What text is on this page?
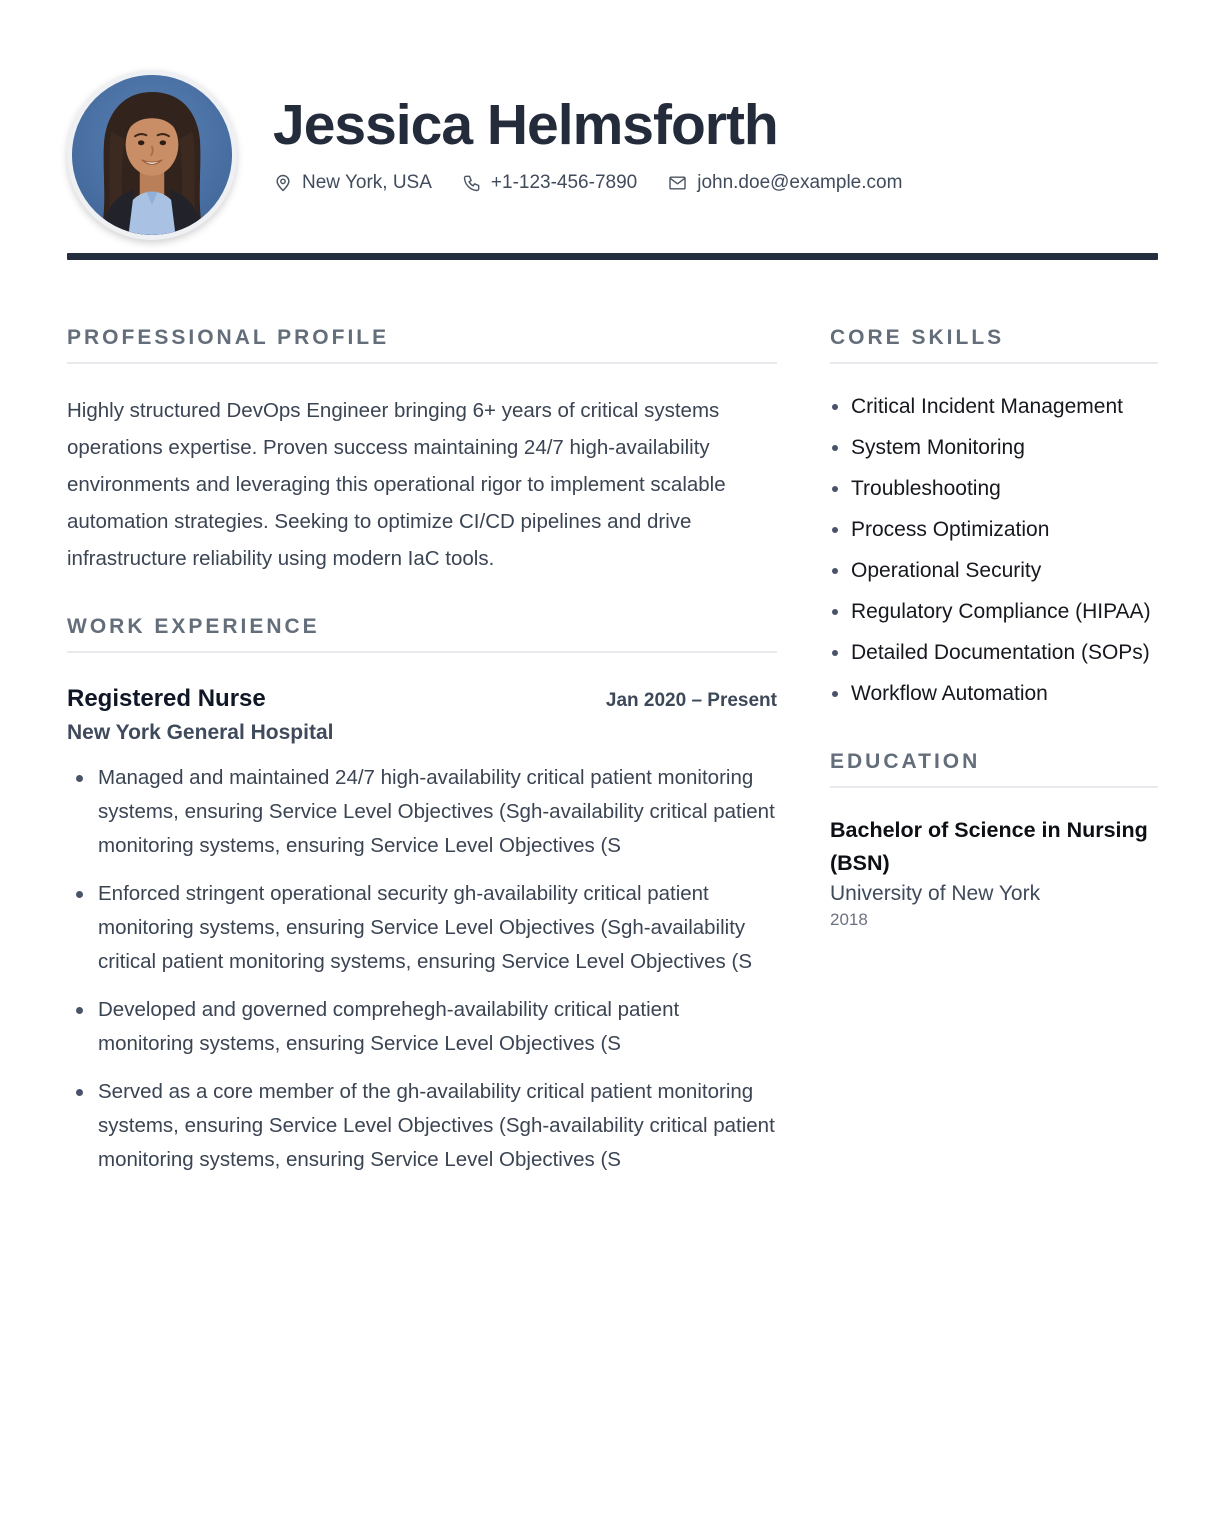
Jessica Helmsforth
New York, USA	+1-123-456-7890	john.doe@example.com
PROFESSIONAL PROFILE

Highly structured DevOps Engineer bringing 6+ years of critical systems operations expertise. Proven success maintaining 24/7 high-availability environments and leveraging this operational rigor to implement scalable automation strategies. Seeking to optimize CI/CD pipelines and drive infrastructure reliability using modern IaC tools.

WORK EXPERIENCE
Registered Nurse	Jan 2020 – Present
New York General Hospital
Managed and maintained 24/7 high-availability critical patient monitoring systems, ensuring Service Level Objectives (Sgh-availability critical patient monitoring systems, ensuring Service Level Objectives (S
Enforced stringent operational security gh-availability critical patient monitoring systems, ensuring Service Level Objectives (Sgh-availability critical patient monitoring systems, ensuring Service Level Objectives (S
Developed and governed comprehegh-availability critical patient monitoring systems, ensuring Service Level Objectives (S
Served as a core member of the gh-availability critical patient monitoring systems, ensuring Service Level Objectives (Sgh-availability critical patient monitoring systems, ensuring Service Level Objectives (S
CORE SKILLS
Critical Incident Management
System Monitoring
Troubleshooting
Process Optimization
Operational Security
Regulatory Compliance (HIPAA)
Detailed Documentation (SOPs)
Workflow Automation
EDUCATION
Bachelor of Science in Nursing (BSN)
University of New York
2018
